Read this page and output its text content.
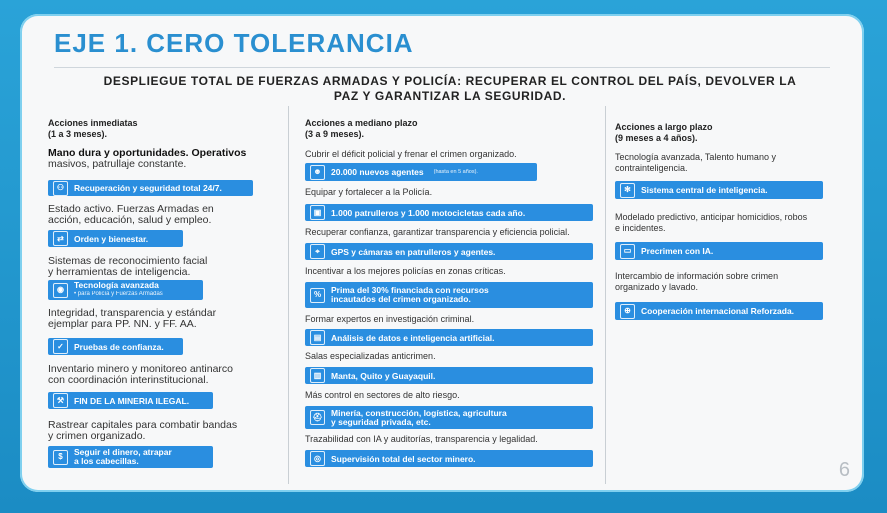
EJE 1. CERO TOLERANCIA
DESPLIEGUE TOTAL DE FUERZAS ARMADAS Y POLICÍA: RECUPERAR EL CONTROL DEL PAÍS, DEVOLVER LA PAZ Y GARANTIZAR LA SEGURIDAD.
Acciones inmediatas
(1 a 3 meses).
Mano dura y oportunidades. Operativos
masivos, patrullaje constante.
⚇	Recuperación y seguridad total 24/7.
Estado activo. Fuerzas Armadas en
acción, educación, salud y empleo.
⇄	Orden y bienestar.
Sistemas de reconocimiento facial
y herramientas de inteligencia.
◉	Tecnología avanzada
• para Policía y Fuerzas Armadas
Integridad, transparencia y estándar
ejemplar para PP. NN. y FF. AA.
✓	Pruebas de confianza.
Inventario minero y monitoreo antinarco
con coordinación interinstitucional.
⚒	FIN DE LA MINERIA ILEGAL.
Rastrear capitales para combatir bandas
y crimen organizado.
$	Seguir el dinero, atrapar
a los cabecillas.
Acciones a mediano plazo
(3 a 9 meses).
Cubrir el déficit policial y frenar el crimen organizado.
☻	20.000 nuevos agentes (hasta en 5 años).
Equipar y fortalecer a la Policía.
▣	1.000 patrulleros y 1.000 motocicletas cada año.
Recuperar confianza, garantizar transparencia y eficiencia policial.
⌖	GPS y cámaras en patrulleros y agentes.
Incentivar a los mejores policías en zonas críticas.
%	Prima del 30% financiada con recursos
incautados del crimen organizado.
Formar expertos en investigación criminal.
▤	Análisis de datos e inteligencia artificial.
Salas especializadas anticrimen.
▥	Manta, Quito y Guayaquil.
Más control en sectores de alto riesgo.
⛑ Minería, construcción, logística, agricultura
y seguridad privada, etc.
Trazabilidad con IA y auditorías, transparencia y legalidad.
◎	Supervisión total del sector minero.
Acciones a largo plazo
(9 meses a 4 años).
Tecnología avanzada, Talento humano y
contrainteligencia.
✻	Sistema central de inteligencia.
Modelado predictivo, anticipar homicidios, robos
e incidentes.
▭	Precrimen con IA.
Intercambio de información sobre crimen
organizado y lavado.
⊕	Cooperación internacional Reforzada.
6
